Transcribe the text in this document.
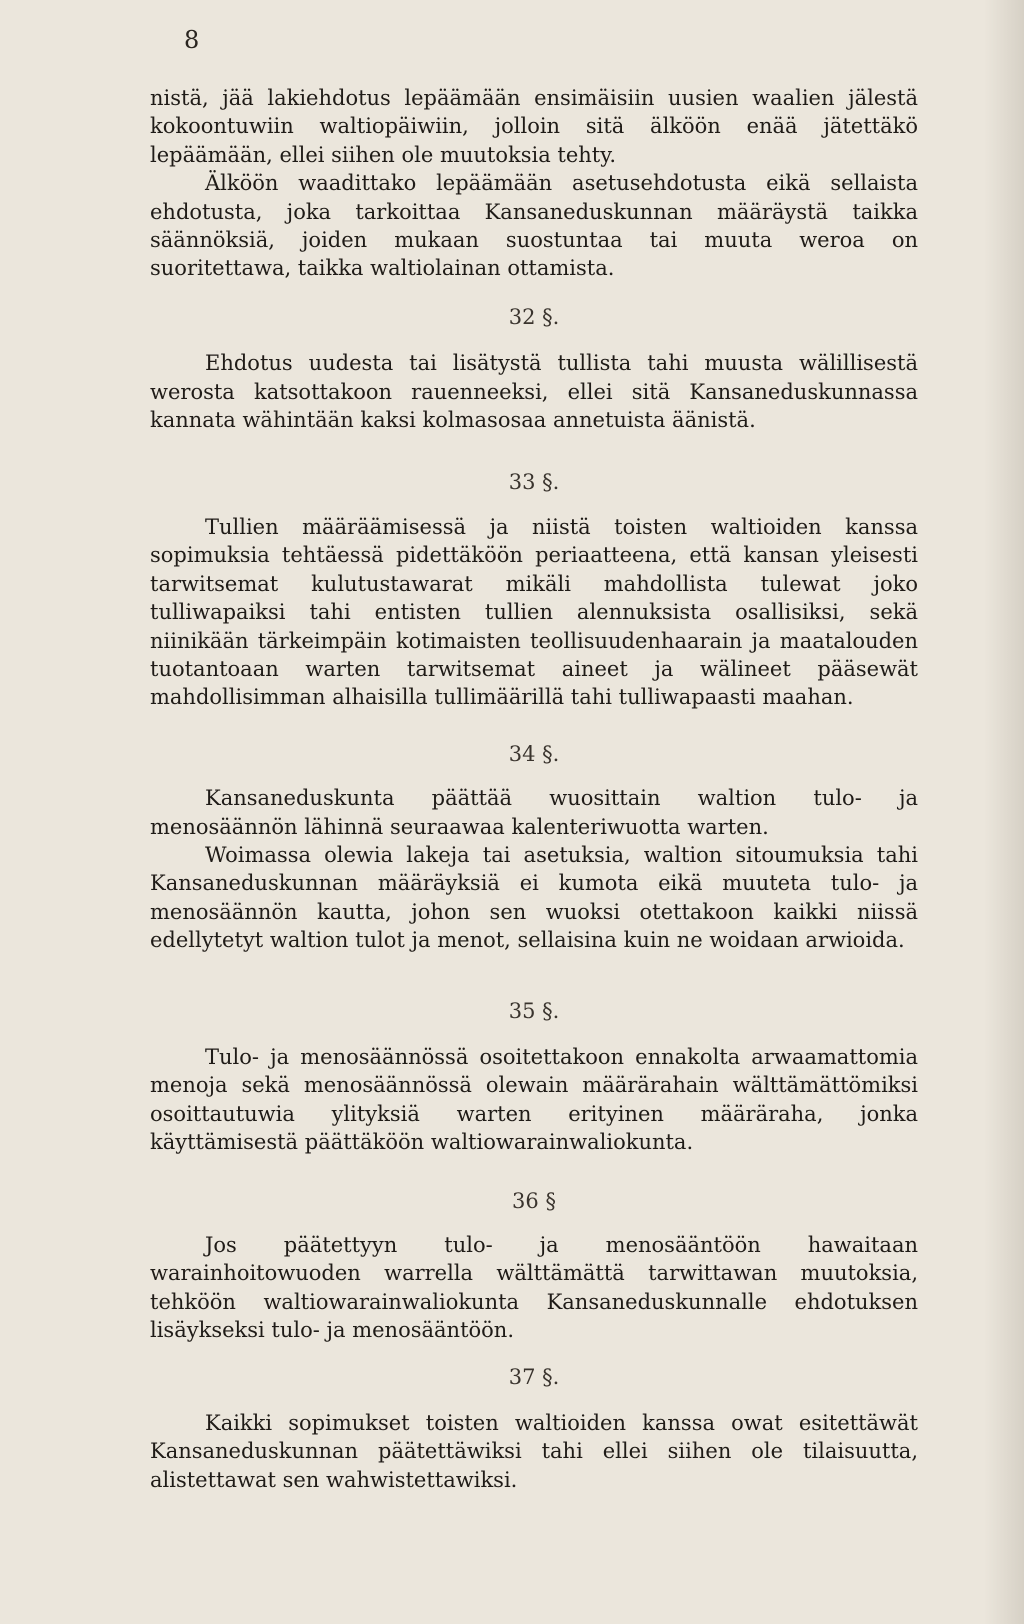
8

nistä, jää lakiehdotus lepäämään ensimäisiin uusien waalien jälestä kokoontuwiin waltiopäiwiin, jolloin sitä älköön enää jätettäkö lepäämään, ellei siihen ole muutoksia tehty.

Älköön waadittako lepäämään asetusehdotusta eikä sellaista ehdotusta, joka tarkoittaa Kansaneduskunnan määräystä taikka säännöksiä, joiden mukaan suostuntaa tai muuta weroa on suoritettawa, taikka waltiolainan ottamista.

32 §.

Ehdotus uudesta tai lisätystä tullista tahi muusta wälillisestä werosta katsottakoon rauenneeksi, ellei sitä Kansaneduskunnassa kannata wähintään kaksi kolmasosaa annetuista äänistä.

33 §.

Tullien määräämisessä ja niistä toisten waltioiden kanssa sopimuksia tehtäessä pidettäköön periaatteena, että kansan yleisesti tarwitsemat kulutustawarat mikäli mahdollista tulewat joko tulliwapaiksi tahi entisten tullien alennuksista osallisiksi, sekä niinikään tärkeimpäin kotimaisten teollisuudenhaarain ja maatalouden tuotantoaan warten tarwitsemat aineet ja wälineet pääsewät mahdollisimman alhaisilla tullimäärillä tahi tulliwapaasti maahan.

34 §.

Kansaneduskunta päättää wuosittain waltion tulo- ja menosäännön lähinnä seuraawaa kalenteriwuotta warten.

Woimassa olewia lakeja tai asetuksia, waltion sitoumuksia tahi Kansaneduskunnan määräyksiä ei kumota eikä muuteta tulo- ja menosäännön kautta, johon sen wuoksi otettakoon kaikki niissä edellytetyt waltion tulot ja menot, sellaisina kuin ne woidaan arwioida.

35 §.

Tulo- ja menosäännössä osoitettakoon ennakolta arwaamattomia menoja sekä menosäännössä olewain määrärahain wälttämättömiksi osoittautuwia ylityksiä warten erityinen määräraha, jonka käyttämisestä päättäköön waltiowarainwaliokunta.

36 §

Jos päätettyyn tulo- ja menosääntöön hawaitaan warainhoitowuoden warrella wälttämättä tarwittawan muutoksia, tehköön waltiowarainwaliokunta Kansaneduskunnalle ehdotuksen lisäykseksi tulo- ja menosääntöön.

37 §.

Kaikki sopimukset toisten waltioiden kanssa owat esitettäwät Kansaneduskunnan päätettäwiksi tahi ellei siihen ole tilaisuutta, alistettawat sen wahwistettawiksi.
